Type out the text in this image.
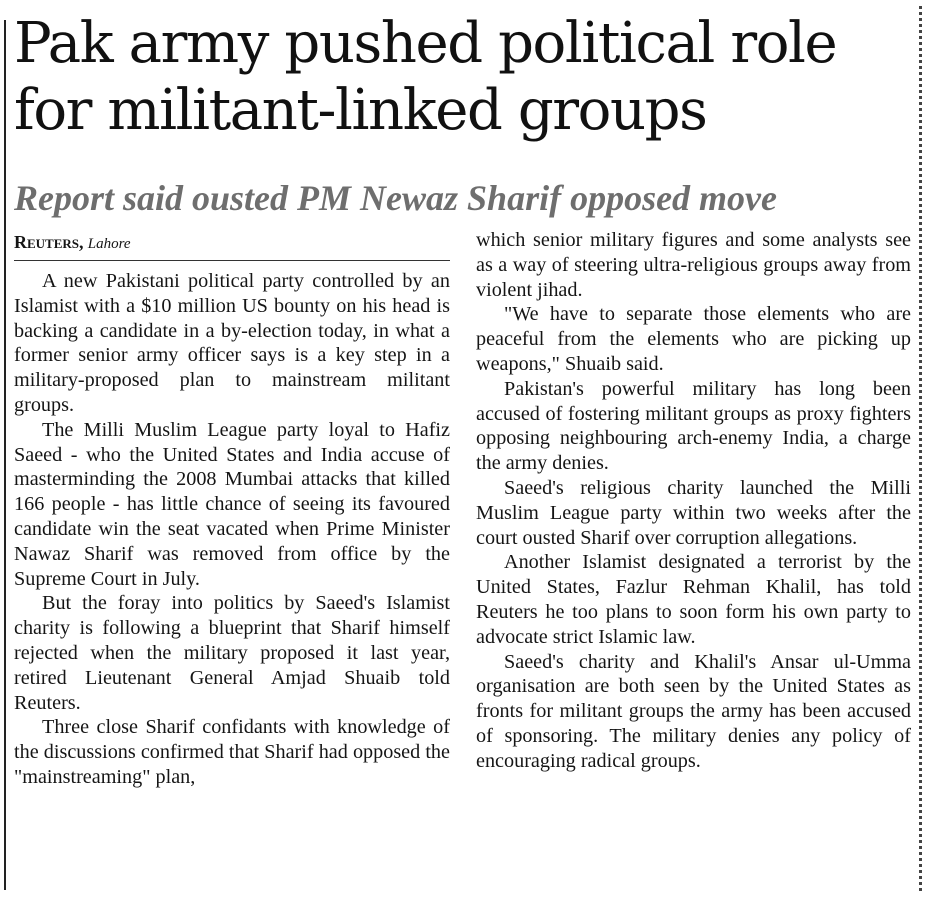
Pak army pushed political role for militant-linked groups
Report said ousted PM Newaz Sharif opposed move
Reuters, Lahore

A new Pakistani political party controlled by an Islamist with a $10 million US bounty on his head is backing a candidate in a by-election today, in what a former senior army officer says is a key step in a military-proposed plan to mainstream militant groups.

The Milli Muslim League party loyal to Hafiz Saeed - who the United States and India accuse of masterminding the 2008 Mumbai attacks that killed 166 people - has little chance of seeing its favoured candidate win the seat vacated when Prime Minister Nawaz Sharif was removed from office by the Supreme Court in July.

But the foray into politics by Saeed's Islamist charity is following a blueprint that Sharif himself rejected when the military proposed it last year, retired Lieutenant General Amjad Shuaib told Reuters.

Three close Sharif confidants with knowledge of the discussions confirmed that Sharif had opposed the "mainstreaming" plan,

which senior military figures and some analysts see as a way of steering ultra-religious groups away from violent jihad.

"We have to separate those elements who are peaceful from the elements who are picking up weapons," Shuaib said.

Pakistan's powerful military has long been accused of fostering militant groups as proxy fighters opposing neighbouring arch-enemy India, a charge the army denies.

Saeed's religious charity launched the Milli Muslim League party within two weeks after the court ousted Sharif over corruption allegations.

Another Islamist designated a terrorist by the United States, Fazlur Rehman Khalil, has told Reuters he too plans to soon form his own party to advocate strict Islamic law.

Saeed's charity and Khalil's Ansar ul-Umma organisation are both seen by the United States as fronts for militant groups the army has been accused of sponsoring. The military denies any policy of encouraging radical groups.
